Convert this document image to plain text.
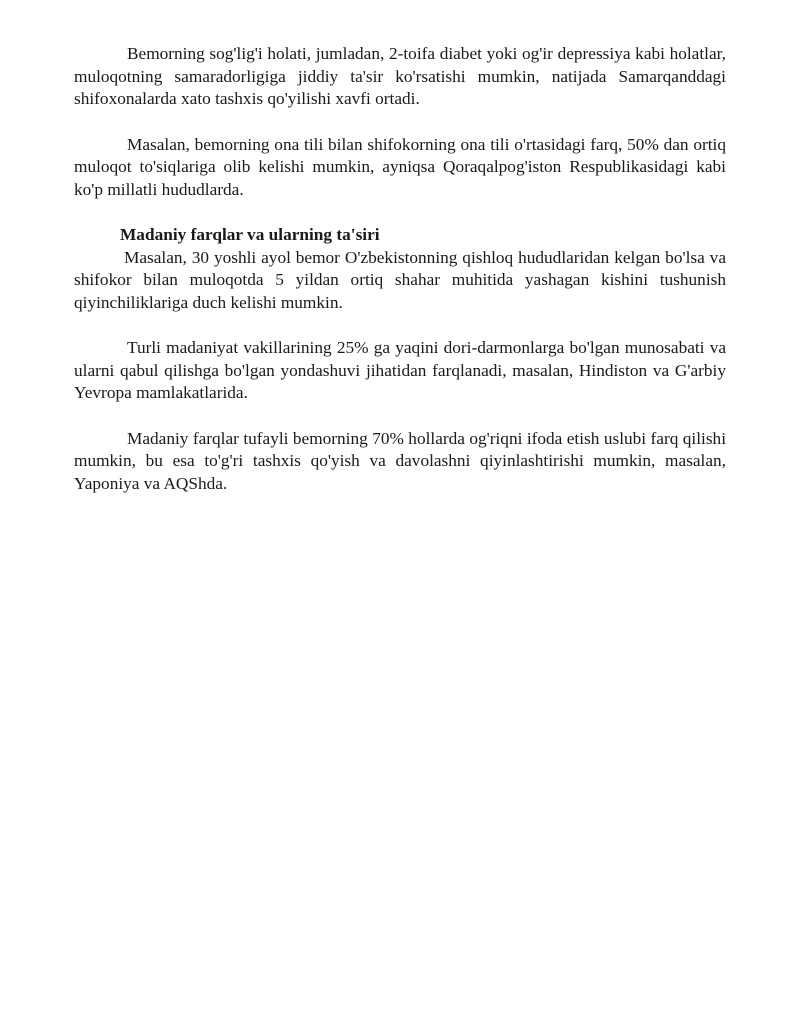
Bemorning sog'lig'i holati, jumladan, 2-toifa diabet yoki og'ir depressiya kabi holatlar, muloqotning samaradorligiga jiddiy ta'sir ko'rsatishi mumkin, natijada Samarqanddagi shifoxonalarda xato tashxis qo'yilishi xavfi ortadi.

Masalan, bemorning ona tili bilan shifokorning ona tili o'rtasidagi farq, 50% dan ortiq muloqot to'siqlariga olib kelishi mumkin, ayniqsa Qoraqalpog'iston Respublikasidagi kabi ko'p millatli hududlarda.

Madaniy farqlar va ularning ta'siri

Masalan, 30 yoshli ayol bemor O'zbekistonning qishloq hududlaridan kelgan bo'lsa va shifokor bilan muloqotda 5 yildan ortiq shahar muhitida yashagan kishini tushunish qiyinchiliklariga duch kelishi mumkin.

Turli madaniyat vakillarining 25% ga yaqini dori-darmonlarga bo'lgan munosabati va ularni qabul qilishga bo'lgan yondashuvi jihatidan farqlanadi, masalan, Hindiston va G'arbiy Yevropa mamlakatlarida.

Madaniy farqlar tufayli bemorning 70% hollarda og'riqni ifoda etish uslubi farq qilishi mumkin, bu esa to'g'ri tashxis qo'yish va davolashni qiyinlashtirishi mumkin, masalan, Yaponiya va AQShda.
